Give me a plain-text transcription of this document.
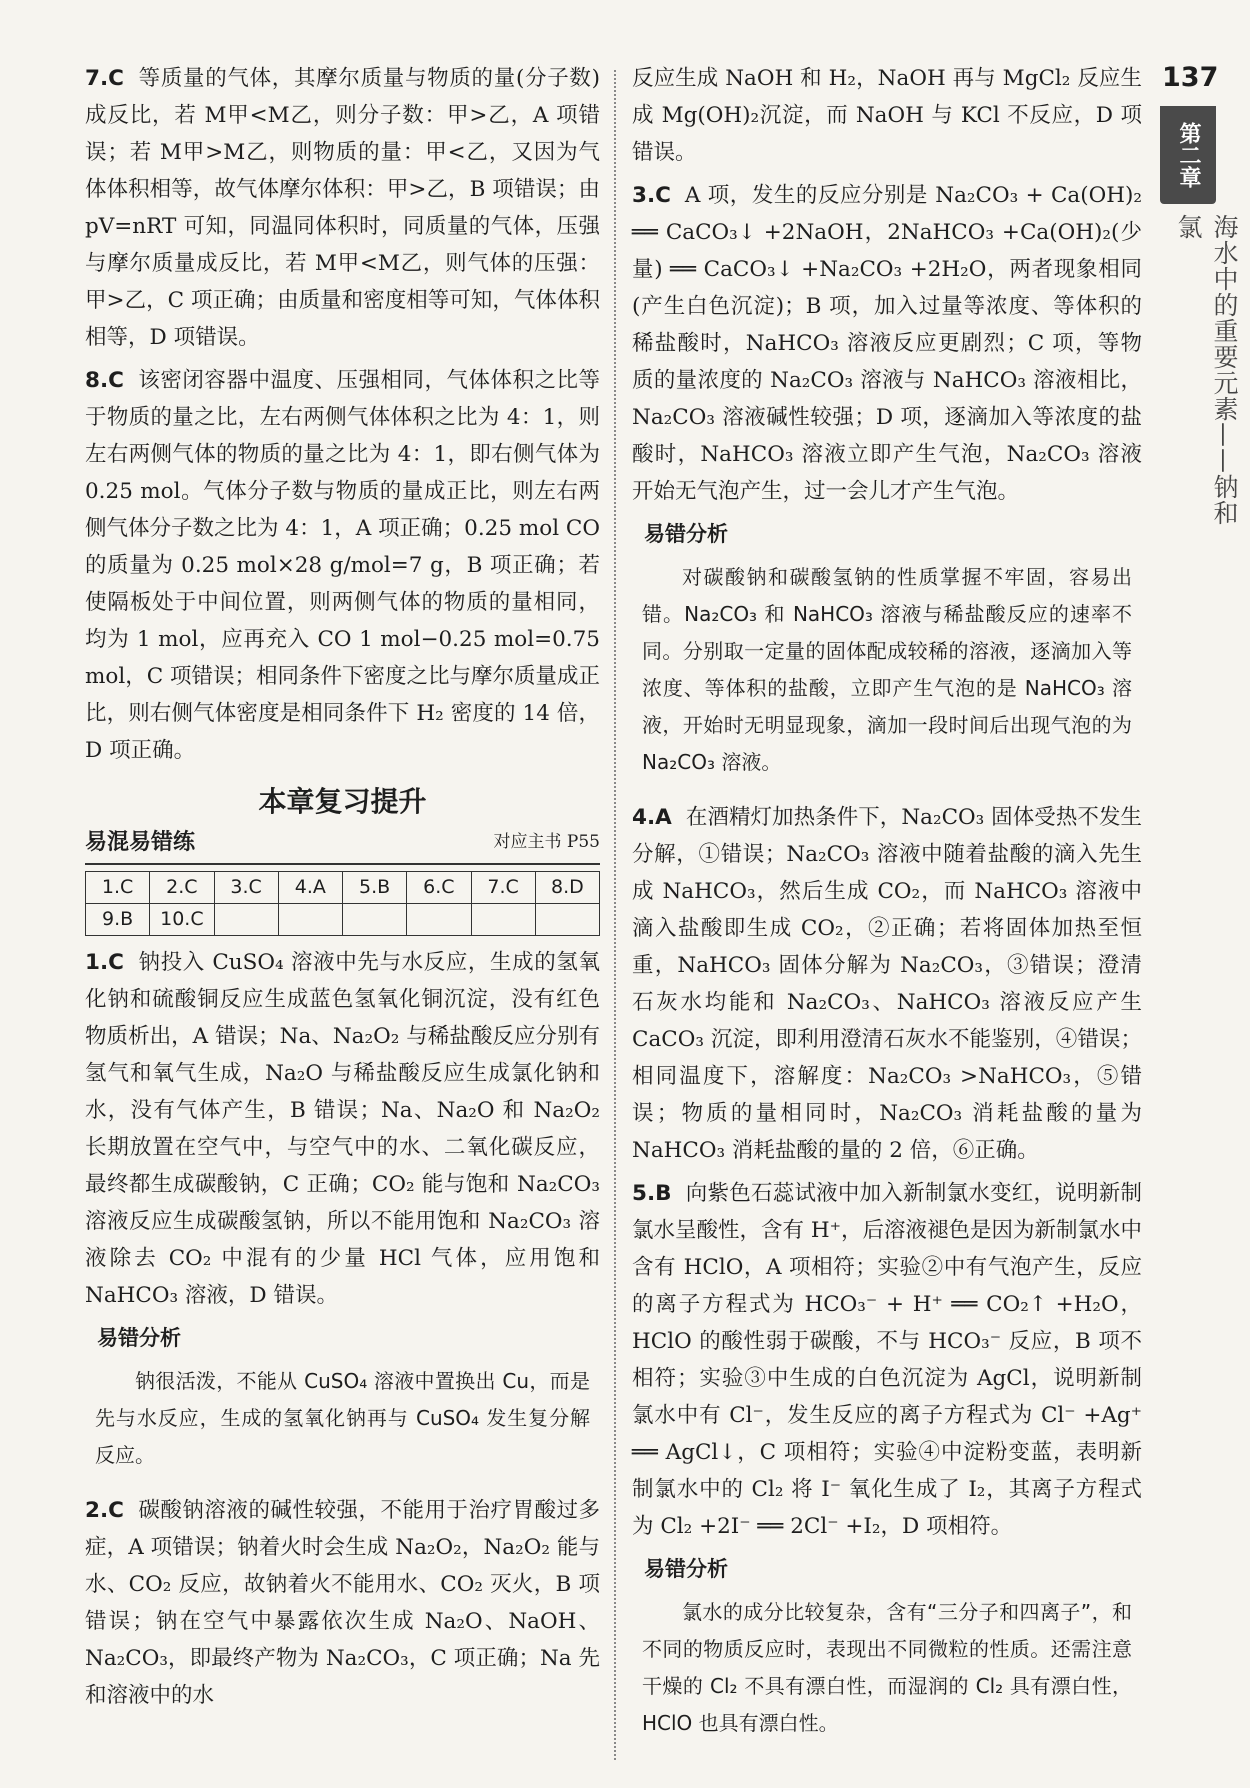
137
第二章
海水中的重要元素——钠和氯
7.C 等质量的气体，其摩尔质量与物质的量(分子数)成反比，若 M甲<M乙，则分子数：甲>乙，A 项错误；若 M甲>M乙，则物质的量：甲<乙，又因为气体体积相等，故气体摩尔体积：甲>乙，B 项错误；由 pV=nRT 可知，同温同体积时，同质量的气体，压强与摩尔质量成反比，若 M甲<M乙，则气体的压强：甲>乙，C 项正确；由质量和密度相等可知，气体体积相等，D 项错误。
8.C 该密闭容器中温度、压强相同，气体体积之比等于物质的量之比，左右两侧气体体积之比为 4：1，则左右两侧气体的物质的量之比为 4：1，即右侧气体为 0.25 mol。气体分子数与物质的量成正比，则左右两侧气体分子数之比为 4：1，A 项正确；0.25 mol CO 的质量为 0.25 mol×28 g/mol=7 g，B 项正确；若使隔板处于中间位置，则两侧气体的物质的量相同，均为 1 mol，应再充入 CO 1 mol−0.25 mol=0.75 mol，C 项错误；相同条件下密度之比与摩尔质量成正比，则右侧气体密度是相同条件下 H₂ 密度的 14 倍，D 项正确。
本章复习提升
易混易错练	对应主书 P55
1.C	2.C	3.C	4.A	5.B	6.C	7.C	8.D
9.B	10.C						
1.C 钠投入 CuSO₄ 溶液中先与水反应，生成的氢氧化钠和硫酸铜反应生成蓝色氢氧化铜沉淀，没有红色物质析出，A 错误；Na、Na₂O₂ 与稀盐酸反应分别有氢气和氧气生成，Na₂O 与稀盐酸反应生成氯化钠和水，没有气体产生，B 错误；Na、Na₂O 和 Na₂O₂ 长期放置在空气中，与空气中的水、二氧化碳反应，最终都生成碳酸钠，C 正确；CO₂ 能与饱和 Na₂CO₃ 溶液反应生成碳酸氢钠，所以不能用饱和 Na₂CO₃ 溶液除去 CO₂ 中混有的少量 HCl 气体，应用饱和NaHCO₃ 溶液，D 错误。
易错分析
钠很活泼，不能从 CuSO₄ 溶液中置换出 Cu，而是先与水反应，生成的氢氧化钠再与 CuSO₄ 发生复分解反应。
2.C 碳酸钠溶液的碱性较强，不能用于治疗胃酸过多症，A 项错误；钠着火时会生成 Na₂O₂，Na₂O₂ 能与水、CO₂ 反应，故钠着火不能用水、CO₂ 灭火，B 项错误；钠在空气中暴露依次生成 Na₂O、NaOH、Na₂CO₃，即最终产物为 Na₂CO₃，C 项正确；Na 先和溶液中的水
反应生成 NaOH 和 H₂，NaOH 再与 MgCl₂ 反应生成 Mg(OH)₂沉淀，而 NaOH 与 KCl 不反应，D 项错误。
3.C A 项，发生的反应分别是 Na₂CO₃ + Ca(OH)₂ ══ CaCO₃↓ +2NaOH，2NaHCO₃ +Ca(OH)₂(少量) ══ CaCO₃↓ +Na₂CO₃ +2H₂O，两者现象相同(产生白色沉淀)；B 项，加入过量等浓度、等体积的稀盐酸时，NaHCO₃ 溶液反应更剧烈；C 项，等物质的量浓度的 Na₂CO₃ 溶液与 NaHCO₃ 溶液相比，Na₂CO₃ 溶液碱性较强；D 项，逐滴加入等浓度的盐酸时，NaHCO₃ 溶液立即产生气泡，Na₂CO₃ 溶液开始无气泡产生，过一会儿才产生气泡。
易错分析
对碳酸钠和碳酸氢钠的性质掌握不牢固，容易出错。Na₂CO₃ 和 NaHCO₃ 溶液与稀盐酸反应的速率不同。分别取一定量的固体配成较稀的溶液，逐滴加入等浓度、等体积的盐酸，立即产生气泡的是 NaHCO₃ 溶液，开始时无明显现象，滴加一段时间后出现气泡的为 Na₂CO₃ 溶液。
4.A 在酒精灯加热条件下，Na₂CO₃ 固体受热不发生分解，①错误；Na₂CO₃ 溶液中随着盐酸的滴入先生成 NaHCO₃，然后生成 CO₂，而 NaHCO₃ 溶液中滴入盐酸即生成 CO₂，②正确；若将固体加热至恒重，NaHCO₃ 固体分解为 Na₂CO₃，③错误；澄清石灰水均能和 Na₂CO₃、NaHCO₃ 溶液反应产生 CaCO₃ 沉淀，即利用澄清石灰水不能鉴别，④错误；相同温度下，溶解度：Na₂CO₃ >NaHCO₃，⑤错误；物质的量相同时，Na₂CO₃ 消耗盐酸的量为 NaHCO₃ 消耗盐酸的量的 2 倍，⑥正确。
5.B 向紫色石蕊试液中加入新制氯水变红，说明新制氯水呈酸性，含有 H⁺，后溶液褪色是因为新制氯水中含有 HClO，A 项相符；实验②中有气泡产生，反应的离子方程式为 HCO₃⁻ + H⁺ ══ CO₂↑ +H₂O，HClO 的酸性弱于碳酸，不与 HCO₃⁻ 反应，B 项不相符；实验③中生成的白色沉淀为 AgCl，说明新制氯水中有 Cl⁻，发生反应的离子方程式为 Cl⁻ +Ag⁺ ══ AgCl↓，C 项相符；实验④中淀粉变蓝，表明新制氯水中的 Cl₂ 将 I⁻ 氧化生成了 I₂，其离子方程式为 Cl₂ +2I⁻ ══ 2Cl⁻ +I₂，D 项相符。
易错分析
氯水的成分比较复杂，含有“三分子和四离子”，和不同的物质反应时，表现出不同微粒的性质。还需注意干燥的 Cl₂ 不具有漂白性，而湿润的 Cl₂ 具有漂白性，HClO 也具有漂白性。
